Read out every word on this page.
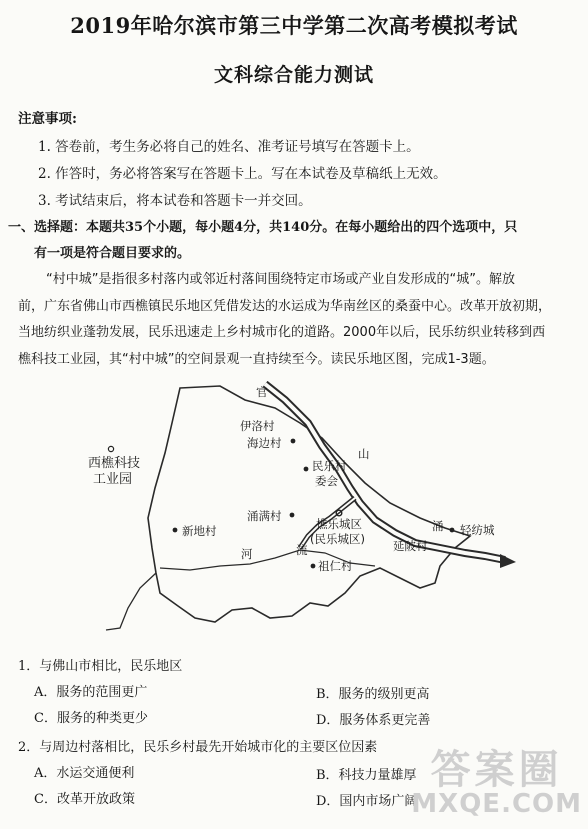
2019年哈尔滨市第三中学第二次高考模拟考试
文科综合能力测试
注意事项:
1. 答卷前，考生务必将自己的姓名、准考证号填写在答题卡上。
2. 作答时，务必将答案写在答题卡上。写在本试卷及草稿纸上无效。
3. 考试结束后，将本试卷和答题卡一并交回。
一、选择题：本题共35个小题，每小题4分，共140分。在每小题给出的四个选项中，只
有一项是符合题目要求的。
“村中城”是指很多村落内或邻近村落间围绕特定市场或产业自发形成的“城”。解放
前，广东省佛山市西樵镇民乐地区凭借发达的水运成为华南丝区的桑蚕中心。改革开放初期，
当地纺织业蓬勃发展，民乐迅速走上乡村城市化的道路。2000年以后，民乐纺织业转移到西
樵科技工业园，其“村中城”的空间景观一直持续至今。读民乐地区图，完成1-3题。
官
伊洛村
海边村
山
民乐村
委会
西樵科技
工业园
涌满村
新地村	樵乐城区
(民乐城区)
涌 轻纺城
延陂村
祖仁村
河	流
1．与佛山市相比，民乐地区
A．服务的范围更广	B．服务的级别更高
C．服务的种类更少	D．服务体系更完善
2．与周边村落相比，民乐乡村最先开始城市化的主要区位因素
A．水运交通便利	B．科技力量雄厚
C．改革开放政策	D．国内市场广阔
答案圈
MXQE.COM
